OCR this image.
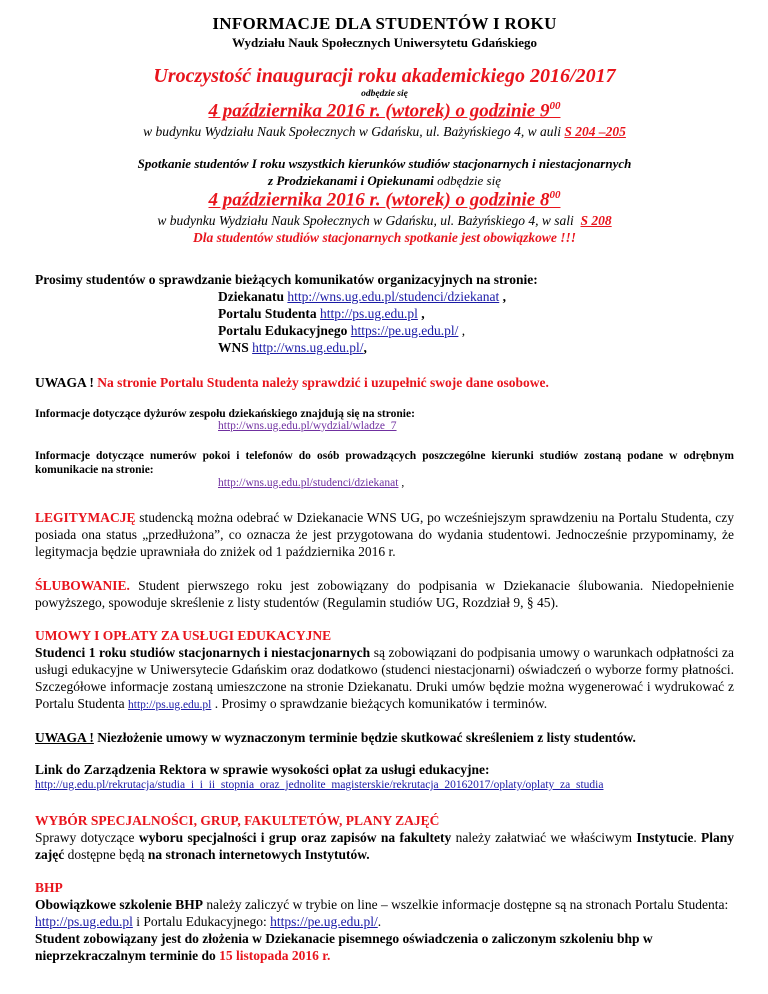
INFORMACJE DLA STUDENTÓW I ROKU
Wydziału Nauk Społecznych Uniwersytetu Gdańskiego
Uroczystość inauguracji roku akademickiego 2016/2017
odbędzie się
4 października 2016 r. (wtorek) o godzinie $9^{00}$
w budynku Wydziału Nauk Społecznych w Gdańsku, ul. Bażyńskiego 4, w auli S 204 –205
Spotkanie studentów I roku wszystkich kierunków studiów stacjonarnych i niestacjonarnych
z Prodziekanami i Opiekunami odbędzie się
4 października 2016 r. (wtorek) o godzinie $8^{00}$
w budynku Wydziału Nauk Społecznych w Gdańsku, ul. Bażyńskiego 4, w sali S 208
Dla studentów studiów stacjonarnych spotkanie jest obowiązkowe !!!

Prosimy studentów o sprawdzanie bieżących komunikatów organizacyjnych na stronie:

Dziekanatu http://wns.ug.edu.pl/studenci/dziekanat ,
Portalu Studenta http://ps.ug.edu.pl ,
Portalu Edukacyjnego https://pe.ug.edu.pl/ ,
WNS http://wns.ug.edu.pl/,

UWAGA ! Na stronie Portalu Studenta należy sprawdzić i uzupełnić swoje dane osobowe.

Informacje dotyczące dyżurów zespołu dziekańskiego znajdują się na stronie:

http://wns.ug.edu.pl/wydzial/wladze_7

Informacje dotyczące numerów pokoi i telefonów do osób prowadzących poszczególne kierunki studiów zostaną podane w odrębnym komunikacie na stronie:

http://wns.ug.edu.pl/studenci/dziekanat ,

LEGITYMACJĘ studencką można odebrać w Dziekanacie WNS UG, po wcześniejszym sprawdzeniu na Portalu Studenta, czy posiada ona status „przedłużona”, co oznacza że jest przygotowana do wydania studentowi. Jednocześnie przypominamy, że legitymacja będzie uprawniała do zniżek od 1 października 2016 r.

ŚLUBOWANIE. Student pierwszego roku jest zobowiązany do podpisania w Dziekanacie ślubowania. Niedopełnienie powyższego, spowoduje skreślenie z listy studentów (Regulamin studiów UG, Rozdział 9, § 45).

UMOWY I OPŁATY ZA USŁUGI EDUKACYJNE

Studenci 1 roku studiów stacjonarnych i niestacjonarnych są zobowiązani do podpisania umowy o warunkach odpłatności za usługi edukacyjne w Uniwersytecie Gdańskim oraz dodatkowo (studenci niestacjonarni) oświadczeń o wyborze formy płatności. Szczegółowe informacje zostaną umieszczone na stronie Dziekanatu. Druki umów będzie można wygenerować i wydrukować z Portalu Studenta http://ps.ug.edu.pl . Prosimy o sprawdzanie bieżących komunikatów i terminów.

UWAGA ! Niezłożenie umowy w wyznaczonym terminie będzie skutkować skreśleniem z listy studentów.

Link do Zarządzenia Rektora w sprawie wysokości opłat za usługi edukacyjne:

http://ug.edu.pl/rekrutacja/studia_i_i_ii_stopnia_oraz_jednolite_magisterskie/rekrutacja_20162017/oplaty/oplaty_za_studia

WYBÓR SPECJALNOŚCI, GRUP, FAKULTETÓW, PLANY ZAJĘĆ

Sprawy dotyczące wyboru specjalności i grup oraz zapisów na fakultety należy załatwiać we właściwym Instytucie. Plany zajęć dostępne będą na stronach internetowych Instytutów.

BHP

Obowiązkowe szkolenie BHP należy zaliczyć w trybie on line – wszelkie informacje dostępne są na stronach Portalu Studenta: http://ps.ug.edu.pl i Portalu Edukacyjnego: https://pe.ug.edu.pl/.
Student zobowiązany jest do złożenia w Dziekanacie pisemnego oświadczenia o zaliczonym szkoleniu bhp w nieprzekraczalnym terminie do 15 listopada 2016 r.
